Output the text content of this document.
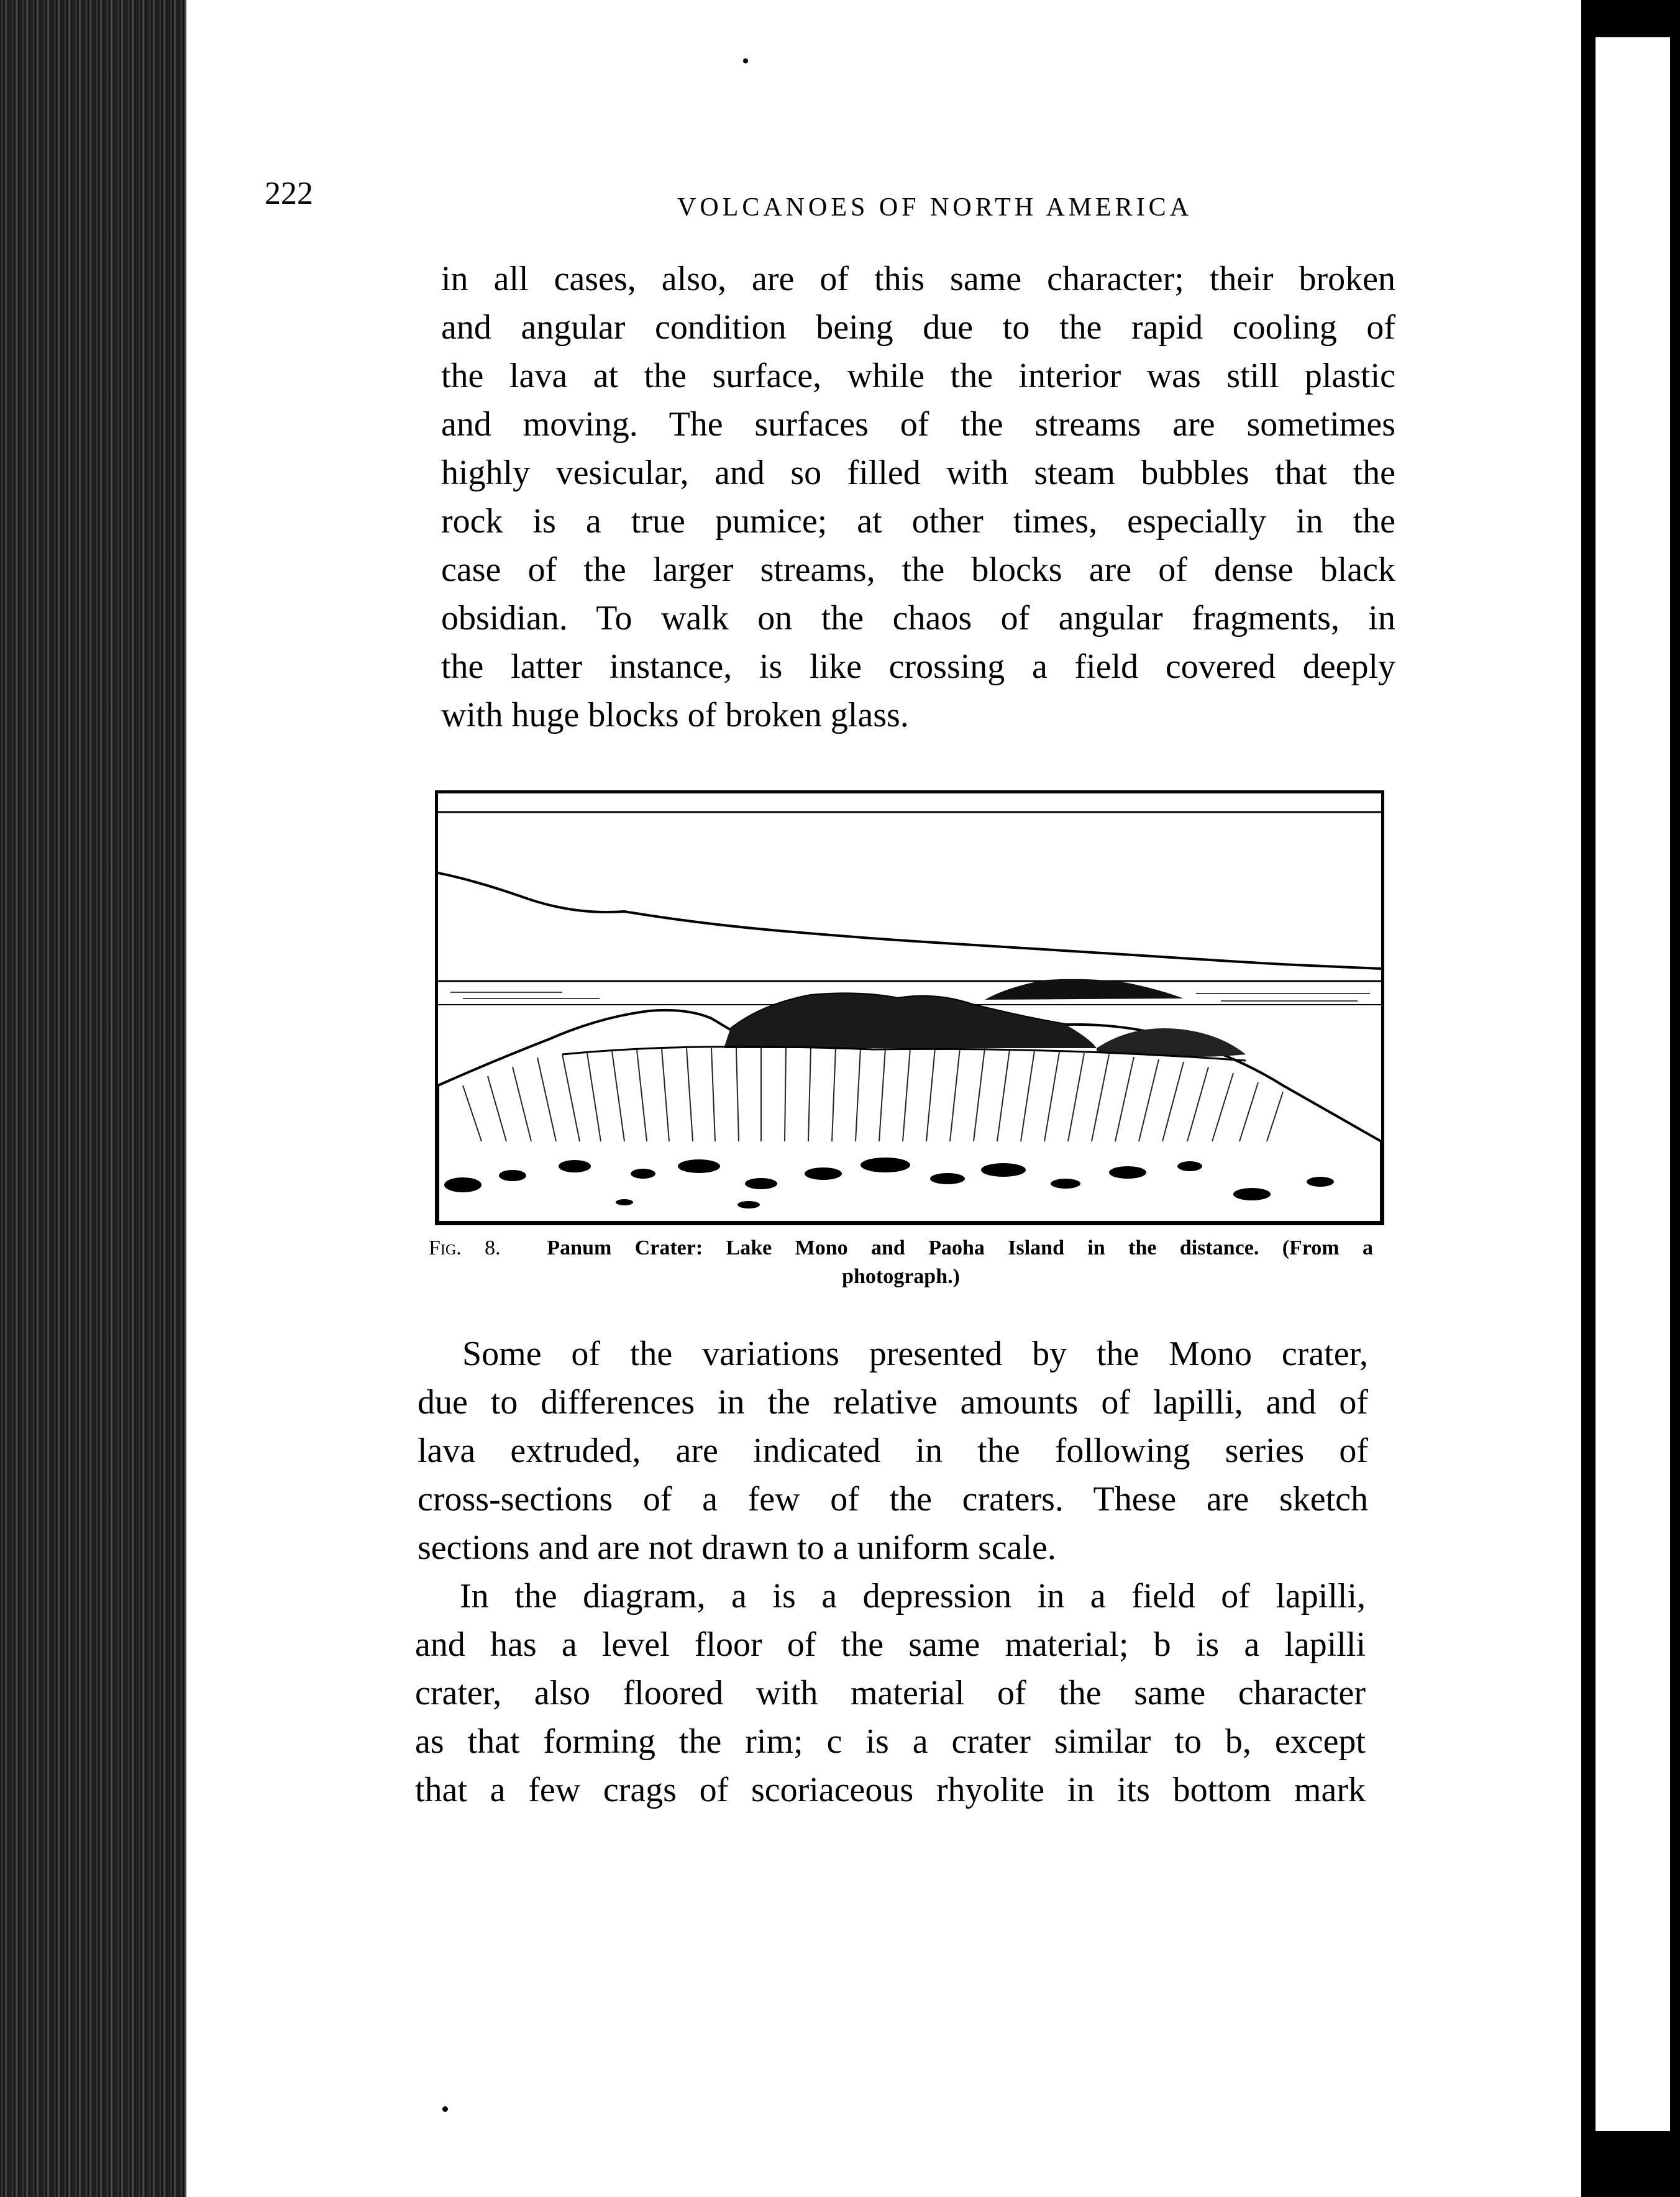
222	VOLCANOES OF NORTH AMERICA
in all cases, also, are of this same character; their broken
and angular condition being due to the rapid cooling of
the lava at the surface, while the interior was still plastic
and moving. The surfaces of the streams are sometimes
highly vesicular, and so filled with steam bubbles that the
rock is a true pumice; at other times, especially in the
case of the larger streams, the blocks are of dense black
obsidian. To walk on the chaos of angular fragments, in
the latter instance, is like crossing a field covered deeply
with huge blocks of broken glass.
Fig. 8. Panum Crater: Lake Mono and Paoha Island in the distance. (From a
photograph.)
Some of the variations presented by the Mono crater,
due to differences in the relative amounts of lapilli, and of
lava extruded, are indicated in the following series of
cross-sections of a few of the craters. These are sketch
sections and are not drawn to a uniform scale.
In the diagram, a is a depression in a field of lapilli,
and has a level floor of the same material; b is a lapilli
crater, also floored with material of the same character
as that forming the rim; c is a crater similar to b, except
that a few crags of scoriaceous rhyolite in its bottom mark
